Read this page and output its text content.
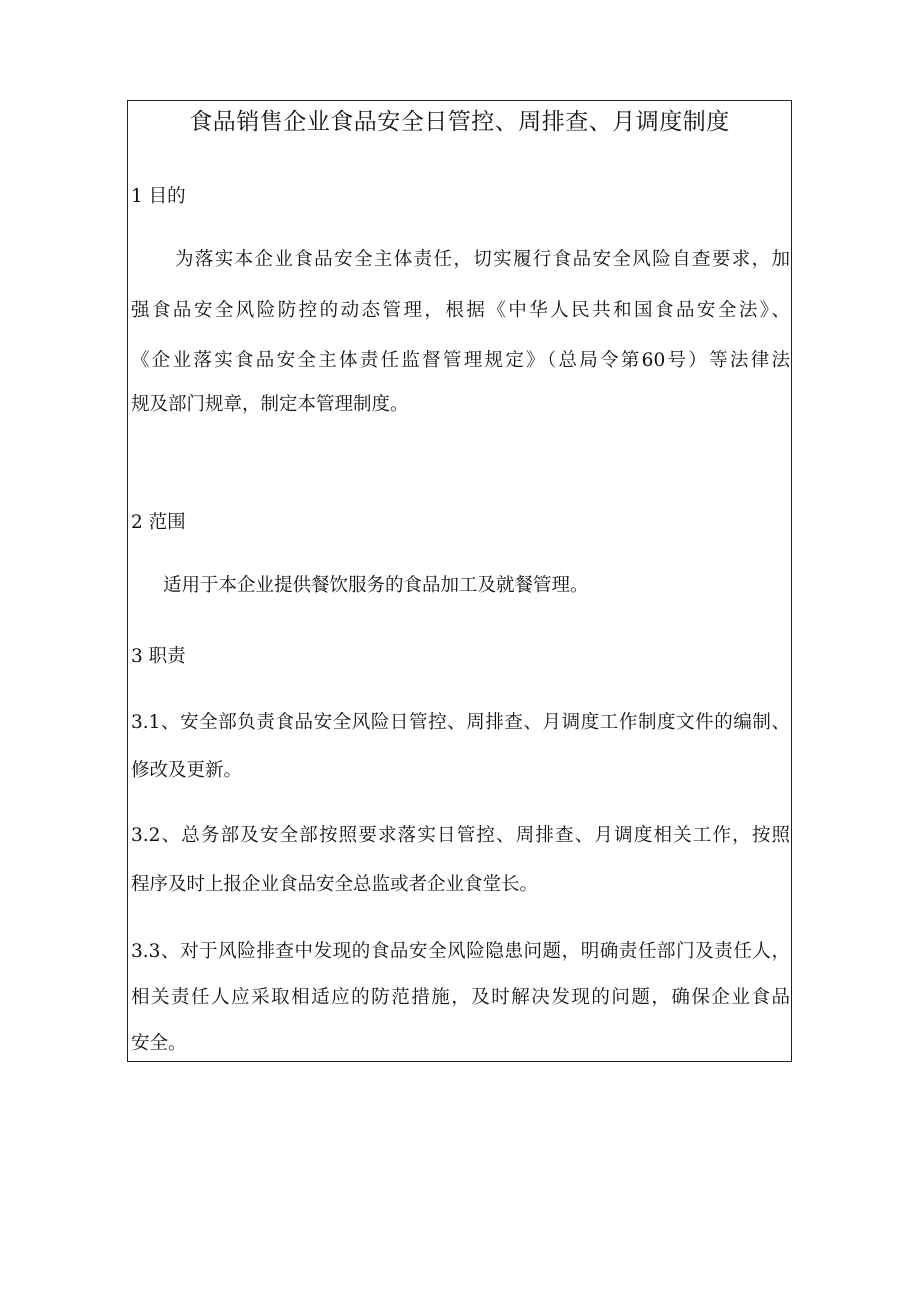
食品销售企业食品安全日管控、周排查、月调度制度
1 目的
为落实本企业食品安全主体责任，切实履行食品安全风险自查要求，加
强食品安全风险防控的动态管理，根据《中华人民共和国食品安全法》、
《企业落实食品安全主体责任监督管理规定》（总局令第60号）等法律法
规及部门规章，制定本管理制度。
2 范围
适用于本企业提供餐饮服务的食品加工及就餐管理。
3 职责
3.1、安全部负责食品安全风险日管控、周排查、月调度工作制度文件的编制、
修改及更新。
3.2、总务部及安全部按照要求落实日管控、周排查、月调度相关工作，按照
程序及时上报企业食品安全总监或者企业食堂长。
3.3、对于风险排查中发现的食品安全风险隐患问题，明确责任部门及责任人，
相关责任人应采取相适应的防范措施，及时解决发现的问题，确保企业食品
安全。
